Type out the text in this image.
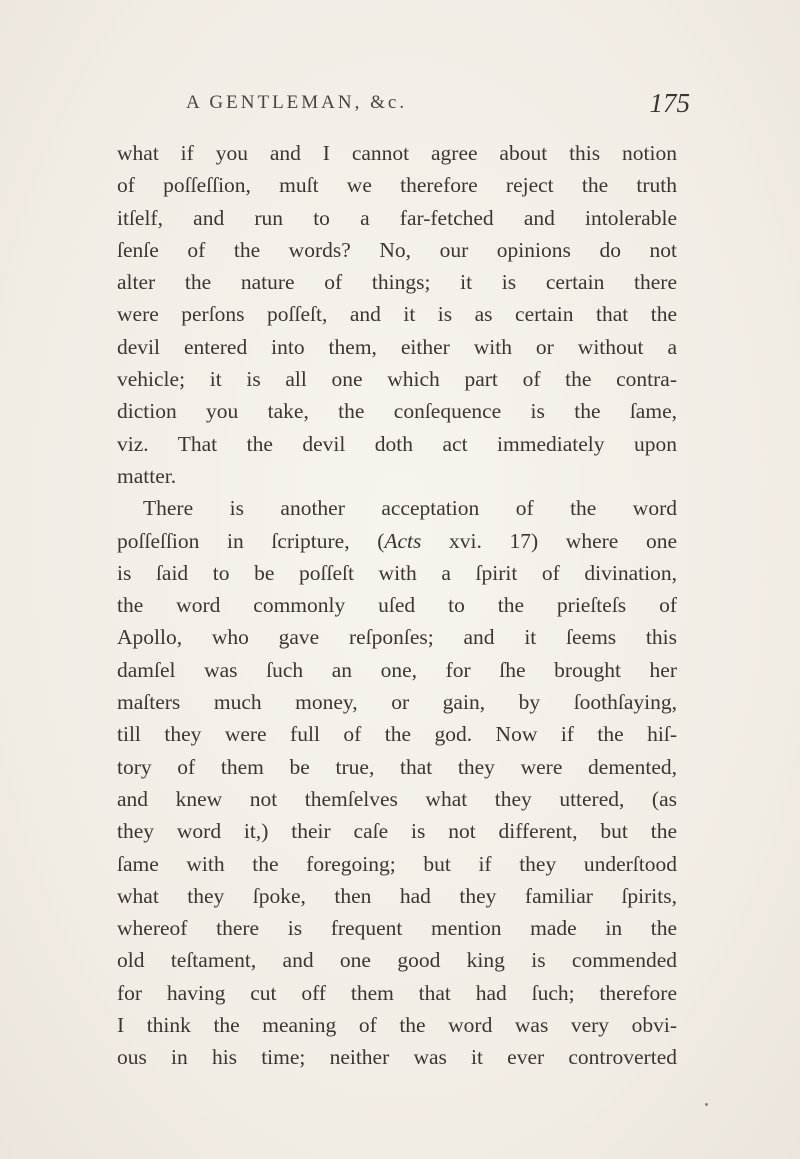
A GENTLEMAN, &c.	175
what if you and I cannot agree about this notion
of poſſeſſion, muſt we therefore reject the truth
itſelf, and run to a far-fetched and intolerable
ſenſe of the words? No, our opinions do not
alter the nature of things; it is certain there
were perſons poſſeſt, and it is as certain that the
devil entered into them, either with or without a
vehicle; it is all one which part of the contra-
diction you take, the conſequence is the ſame,
viz. That the devil doth act immediately upon
matter.
There is another acceptation of the word
poſſeſſion in ſcripture, (Acts xvi. 17) where one
is ſaid to be poſſeſt with a ſpirit of divination,
the word commonly uſed to the prieſteſs of
Apollo, who gave reſponſes; and it ſeems this
damſel was ſuch an one, for ſhe brought her
maſters much money, or gain, by ſoothſaying,
till they were full of the god. Now if the hiſ-
tory of them be true, that they were demented,
and knew not themſelves what they uttered, (as
they word it,) their caſe is not different, but the
ſame with the foregoing; but if they underſtood
what they ſpoke, then had they familiar ſpirits,
whereof there is frequent mention made in the
old teſtament, and one good king is commended
for having cut off them that had ſuch; therefore
I think the meaning of the word was very obvi-
ous in his time; neither was it ever controverted
